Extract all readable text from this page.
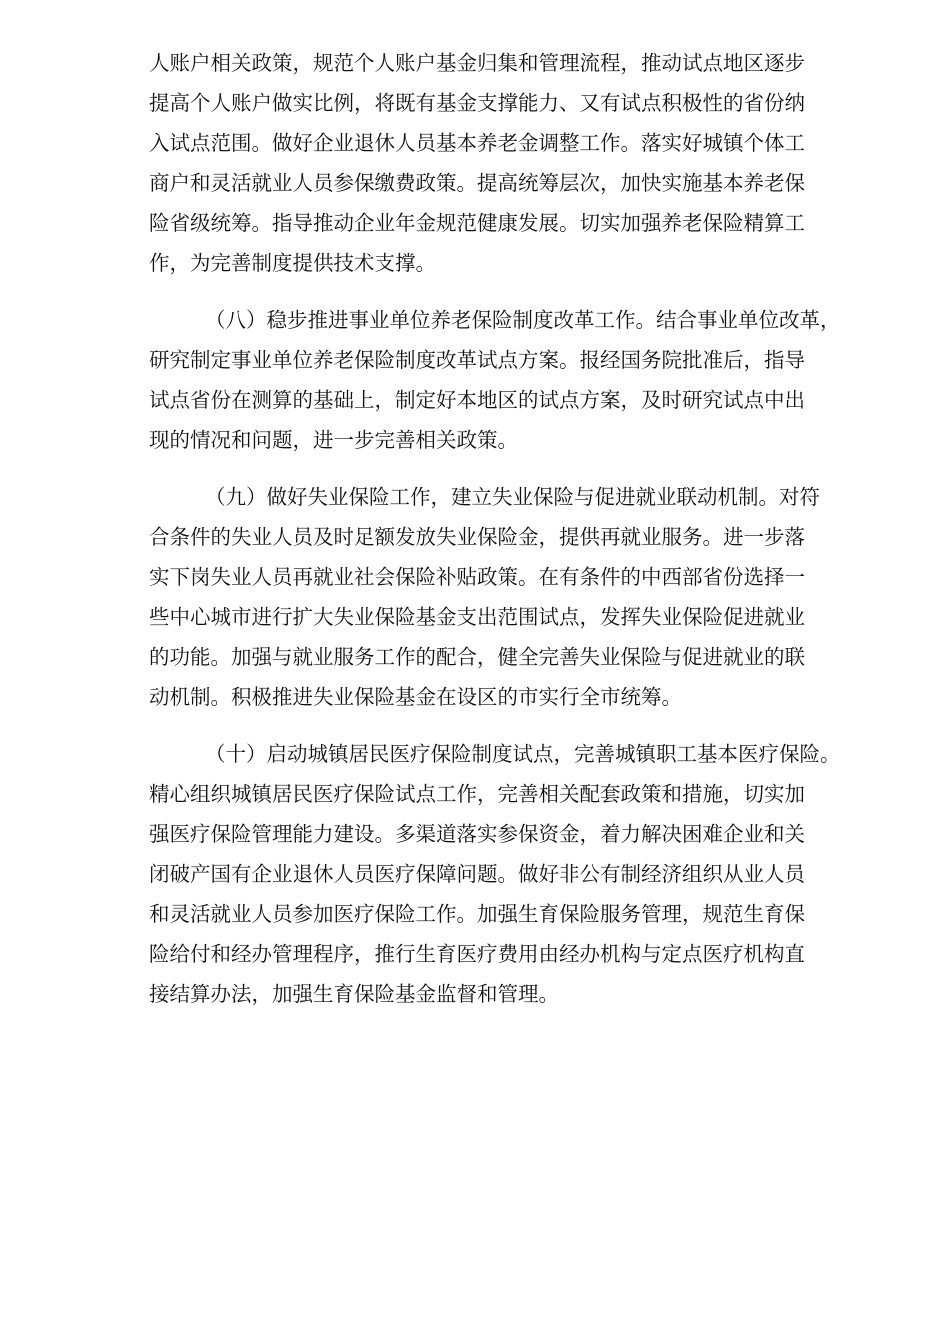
人账户相关政策，规范个人账户基金归集和管理流程，推动试点地区逐步
提高个人账户做实比例，将既有基金支撑能力、又有试点积极性的省份纳
入试点范围。做好企业退休人员基本养老金调整工作。落实好城镇个体工
商户和灵活就业人员参保缴费政策。提高统筹层次，加快实施基本养老保
险省级统筹。指导推动企业年金规范健康发展。切实加强养老保险精算工
作，为完善制度提供技术支撑。
（八）稳步推进事业单位养老保险制度改革工作。结合事业单位改革，
研究制定事业单位养老保险制度改革试点方案。报经国务院批准后，指导
试点省份在测算的基础上，制定好本地区的试点方案，及时研究试点中出
现的情况和问题，进一步完善相关政策。
（九）做好失业保险工作，建立失业保险与促进就业联动机制。对符
合条件的失业人员及时足额发放失业保险金，提供再就业服务。进一步落
实下岗失业人员再就业社会保险补贴政策。在有条件的中西部省份选择一
些中心城市进行扩大失业保险基金支出范围试点，发挥失业保险促进就业
的功能。加强与就业服务工作的配合，健全完善失业保险与促进就业的联
动机制。积极推进失业保险基金在设区的市实行全市统筹。
（十）启动城镇居民医疗保险制度试点，完善城镇职工基本医疗保险。
精心组织城镇居民医疗保险试点工作，完善相关配套政策和措施，切实加
强医疗保险管理能力建设。多渠道落实参保资金，着力解决困难企业和关
闭破产国有企业退休人员医疗保障问题。做好非公有制经济组织从业人员
和灵活就业人员参加医疗保险工作。加强生育保险服务管理，规范生育保
险给付和经办管理程序，推行生育医疗费用由经办机构与定点医疗机构直
接结算办法，加强生育保险基金监督和管理。
